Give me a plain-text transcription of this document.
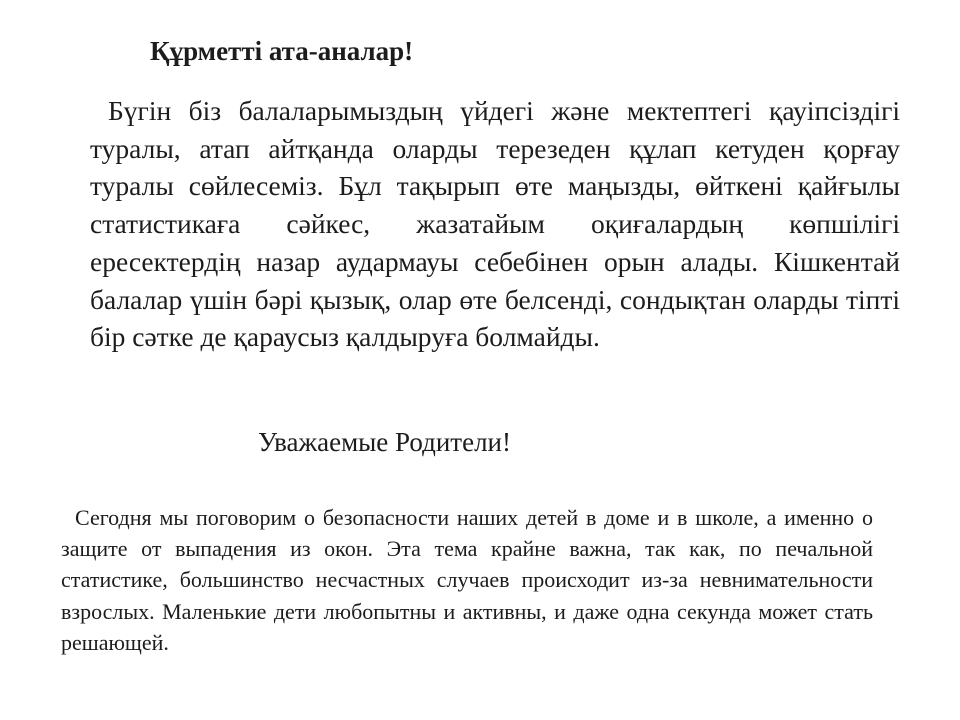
Құрметті ата-аналар!

Бүгін біз балаларымыздың үйдегі және мектептегі қауіпсіздігі туралы, атап айтқанда оларды терезеден құлап кетуден қорғау туралы сөйлесеміз. Бұл тақырып өте маңызды, өйткені қайғылы статистикаға сәйкес, жазатайым оқиғалардың көпшілігі ересектердің назар аудармауы себебінен орын алады. Кішкентай балалар үшін бәрі қызық, олар өте белсенді, сондықтан оларды тіпті бір сәтке де қараусыз қалдыруға болмайды.

Уважаемые Родители!

Сегодня мы поговорим о безопасности наших детей в доме и в школе, а именно о защите от выпадения из окон. Эта тема крайне важна, так как, по печальной статистике, большинство несчастных случаев происходит из-за невнимательности взрослых. Маленькие дети любопытны и активны, и даже одна секунда может стать решающей.
